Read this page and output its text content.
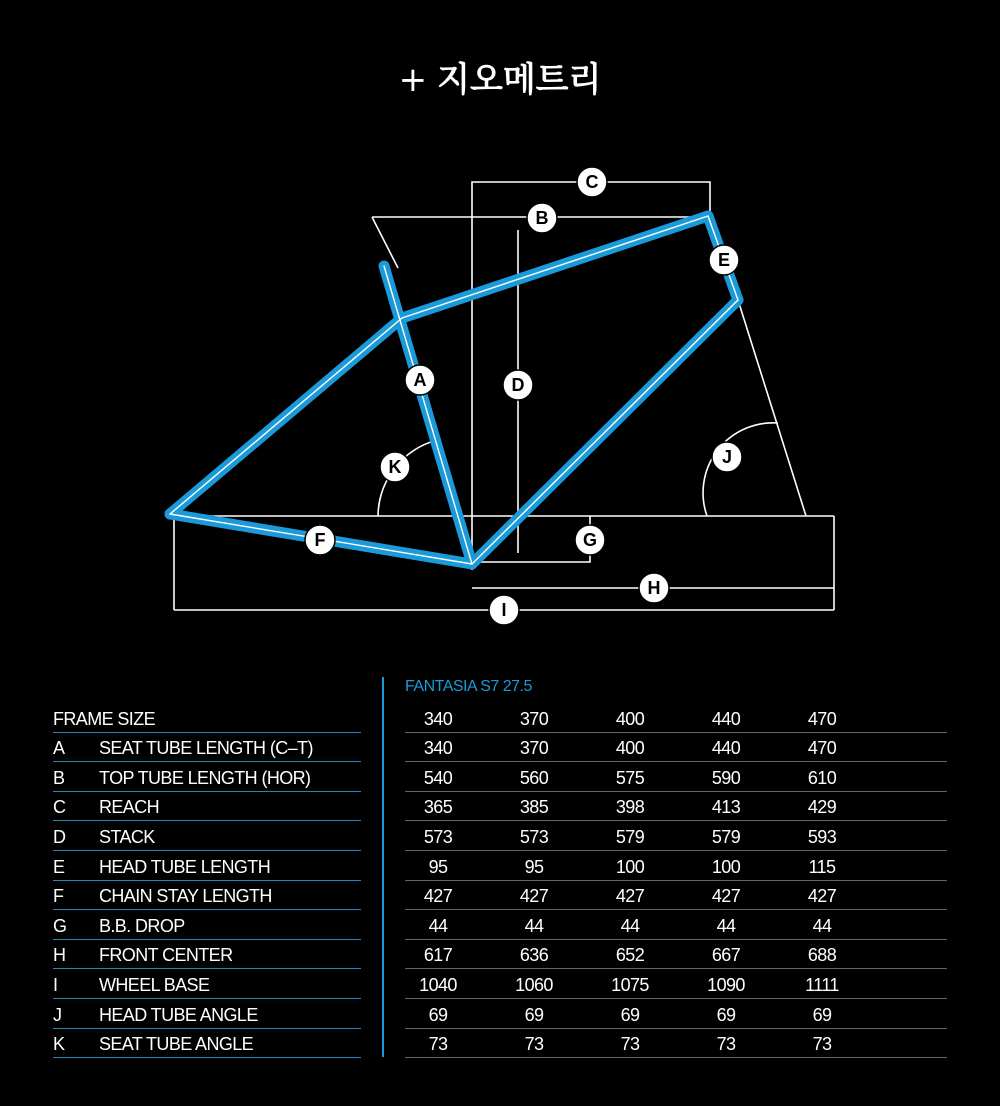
+ 지오메트리
A
B
C
D
E
F	G
H
I
J
K
FANTASIA S7 27.5
FRAME SIZE	340	370	400	440	470
A SEAT TUBE LENGTH (C–T)	340	370	400	440	470
B TOP TUBE LENGTH (HOR)	540	560	575	590	610
C REACH	365	385	398	413	429
D STACK	573	573	579	579	593
E HEAD TUBE LENGTH	95	95	100	100	115
F CHAIN STAY LENGTH	427	427	427	427	427
G B.B. DROP	44	44	44	44	44
H FRONT CENTER	617	636	652	667	688
I WHEEL BASE	1040	1060	1075	1090	1111
J HEAD TUBE ANGLE	69	69	69	69	69
K SEAT TUBE ANGLE	73	73	73	73	73
